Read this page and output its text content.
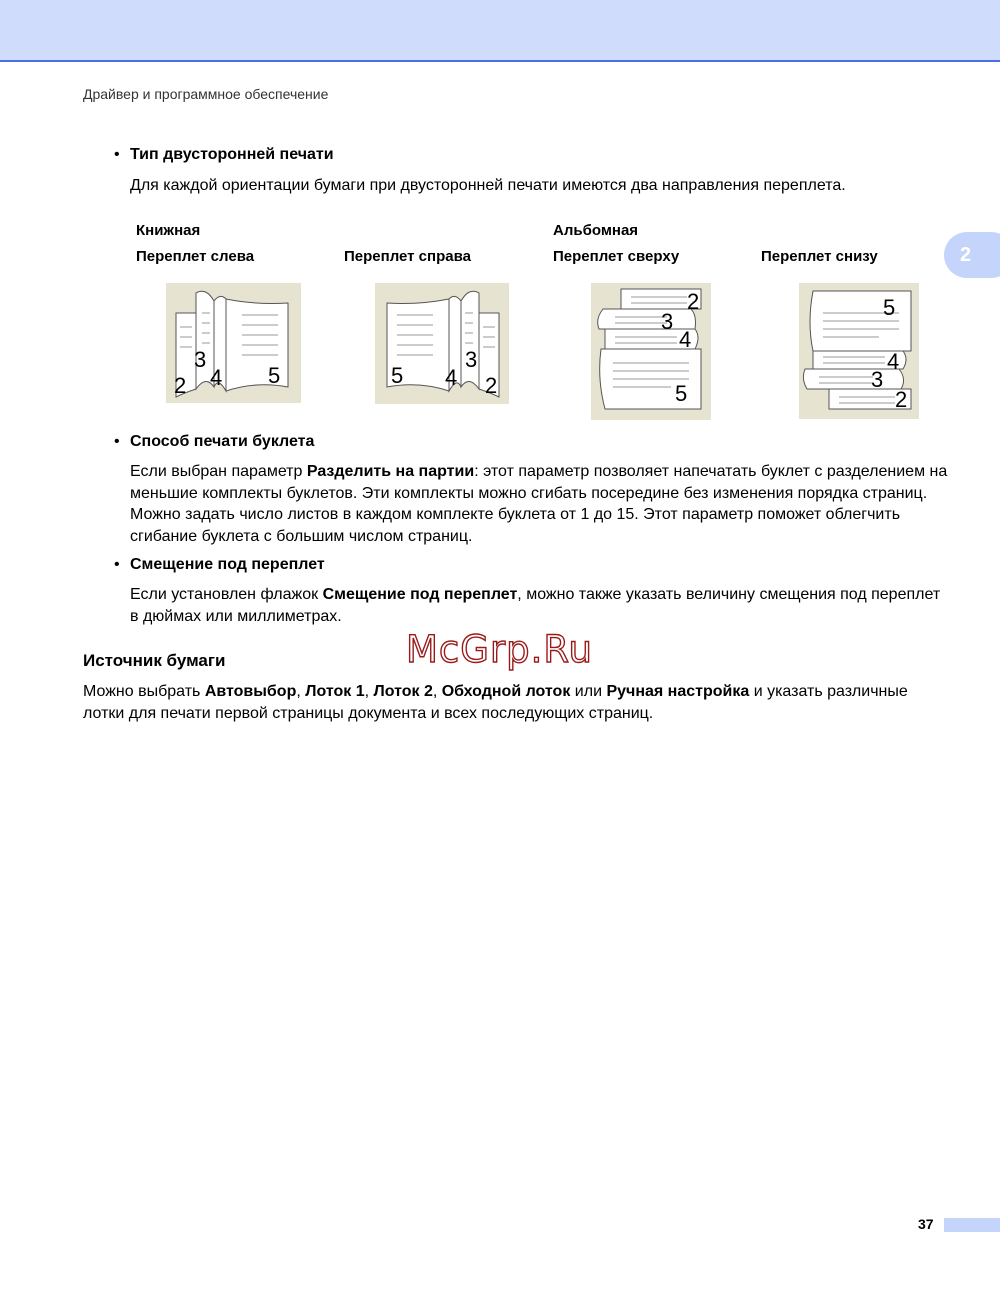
Драйвер и программное обеспечение
2
• Тип двусторонней печати
Для каждой ориентации бумаги при двусторонней печати имеются два направления переплета.
Книжная	Альбомная
Переплет слева	Переплет справа	Переплет сверху	Переплет снизу
2
3
4 5	5 4
3
2
2
3
4
5
5
4
3
2
• Способ печати буклета
Если выбран параметр Разделить на партии: этот параметр позволяет напечатать буклет с разделением на меньшие комплекты буклетов. Эти комплекты можно сгибать посередине без изменения порядка страниц. Можно задать число листов в каждом комплекте буклета от 1 до 15. Этот параметр поможет облегчить сгибание буклета с большим числом страниц.
• Смещение под переплет
Если установлен флажок Смещение под переплет, можно также указать величину смещения под переплет в дюймах или миллиметрах.
McGrp.Ru
Источник бумаги
Можно выбрать Автовыбор, Лоток 1, Лоток 2, Обходной лоток или Ручная настройка и указать различные лотки для печати первой страницы документа и всех последующих страниц.
37
